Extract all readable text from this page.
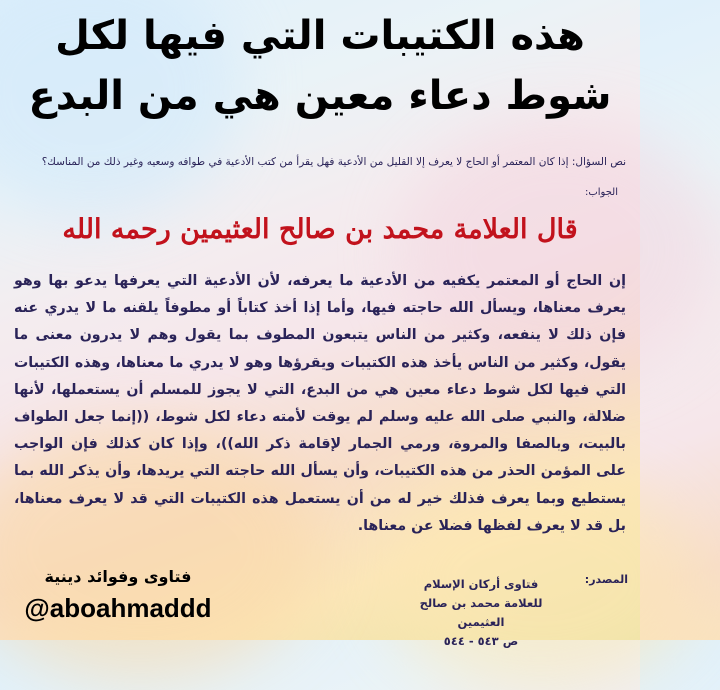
هذه الكتيبات التي فيها لكل
شوط دعاء معين هي من البدع
نص السؤال: إذا كان المعتمر أو الحاج لا يعرف إلا القليل من الأدعية فهل يقرأ من كتب الأدعية في طوافه وسعيه وغير ذلك من المناسك؟
الجواب:
قال العلامة محمد بن صالح العثيمين رحمه الله
إن الحاج أو المعتمر يكفيه من الأدعية ما يعرفه، لأن الأدعية التي يعرفها يدعو بها وهو يعرف معناها، ويسأل الله حاجته فيها، وأما إذا أخذ كتاباً أو مطوفاً يلقنه ما لا يدري عنه فإن ذلك لا ينفعه، وكثير من الناس يتبعون المطوف بما يقول وهم لا يدرون معنى ما يقول، وكثير من الناس يأخذ هذه الكتيبات ويقرؤها وهو لا يدري ما معناها، وهذه الكتيبات التي فيها لكل شوط دعاء معين هي من البدع، التي لا يجوز للمسلم أن يستعملها، لأنها ضلالة، والنبي صلى الله عليه وسلم لم يوقت لأمته دعاء لكل شوط، ((إنما جعل الطواف بالبيت، وبالصفا والمروة، ورمي الجمار لإقامة ذكر الله))، وإذا كان كذلك فإن الواجب على المؤمن الحذر من هذه الكتيبات، وأن يسأل الله حاجته التي يريدها، وأن يذكر الله بما يستطيع وبما يعرف فذلك خير له من أن يستعمل هذه الكتيبات التي قد لا يعرف معناها، بل قد لا يعرف لفظها فضلا عن معناها.
المصدر:
فتاوى أركان الإسلام
للعلامة محمد بن صالح العثيمين
ص ٥٤٣ - ٥٤٤
فتاوى وفوائد دينية
@aboahmaddd
